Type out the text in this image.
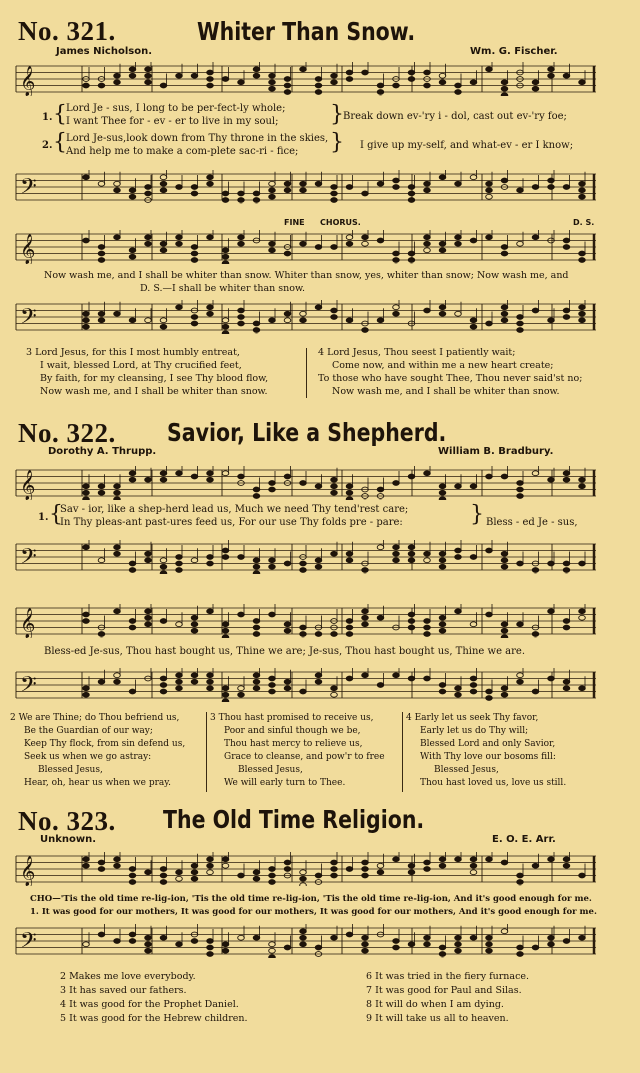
No. 321.	Whiter Than Snow.
James Nicholson.	Wm. G. Fischer.
𝄞
1. { Lord Je - sus, I long to be per-fect-ly whole;
I want Thee for - ev - er to live in my soul; } Break down ev-'ry i - dol, cast out ev-'ry foe;
2. { Lord Je-sus,look down from Thy throne in the skies,
And help me to make a com-plete sac-ri - fice; } I give up my-self, and what-ev - er I know;
𝄢
FINE CHORUS.	D. S.
𝄞
Now wash me, and I shall be whiter than snow. Whiter than snow, yes, whiter than snow; Now wash me, and
D. S.—I shall be whiter than snow.
𝄢
3 Lord Jesus, for this I most humbly entreat,
I wait, blessed Lord, at Thy crucified feet,
By faith, for my cleansing, I see Thy blood flow,
Now wash me, and I shall be whiter than snow.
4 Lord Jesus, Thou seest I patiently wait;
Come now, and within me a new heart create;
To those who have sought Thee, Thou never said'st no;
Now wash me, and I shall be whiter than snow.
No. 322. Savior, Like a Shepherd.
Dorothy A. Thrupp.	William B. Bradbury.
𝄞
1. {
Sav - ior, like a shep-herd lead us, Much we need Thy tend'rest care;
In Thy pleas-ant past-ures feed us, For our use Thy folds pre - pare:	} Bless - ed Je - sus,
𝄢
𝄞
Bless-ed Je-sus, Thou hast bought us, Thine we are; Je-sus, Thou hast bought us, Thine we are.
𝄢
2 We are Thine; do Thou befriend us,
Be the Guardian of our way;
Keep Thy flock, from sin defend us,
Seek us when we go astray:
Blessed Jesus,
Hear, oh, hear us when we pray.
3 Thou hast promised to receive us,
Poor and sinful though we be,
Thou hast mercy to relieve us,
Grace to cleanse, and pow'r to free
Blessed Jesus,
We will early turn to Thee.
4 Early let us seek Thy favor,
Early let us do Thy will;
Blessed Lord and only Savior,
With Thy love our bosoms fill:
Blessed Jesus,
Thou hast loved us, love us still.
No. 323. The Old Time Religion.
Unknown.	E. O. E. Arr.
𝄞
CHO—'Tis the old time re-lig-ion, 'Tis the old time re-lig-ion, 'Tis the old time re-lig-ion, And it's good enough for me.
1. It was good for our mothers, It was good for our mothers, It was good for our mothers, And it's good enough for me.
𝄢
2 Makes me love everybody.
3 It has saved our fathers.
4 It was good for the Prophet Daniel.
5 It was good for the Hebrew children.
6 It was tried in the fiery furnace.
7 It was good for Paul and Silas.
8 It will do when I am dying.
9 It will take us all to heaven.
